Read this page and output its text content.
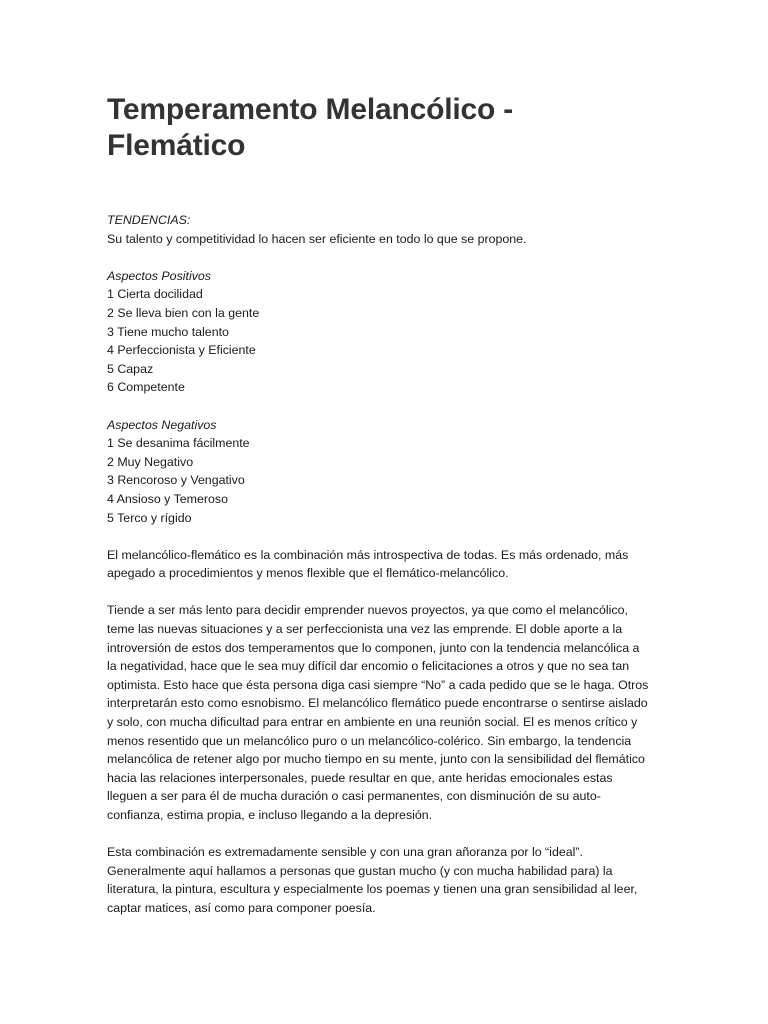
Temperamento Melancólico -
Flemático
TENDENCIAS:
Su talento y competitividad lo hacen ser eficiente en todo lo que se propone.
Aspectos Positivos
1 Cierta docilidad
2 Se lleva bien con la gente
3 Tiene mucho talento
4 Perfeccionista y Eficiente
5 Capaz
6 Competente
Aspectos Negativos
1 Se desanima fácilmente
2 Muy Negativo
3 Rencoroso y Vengativo
4 Ansioso y Temeroso
5 Terco y rígido
El melancólico-flemático es la combinación más introspectiva de todas. Es más ordenado, más
apegado a procedimientos y menos flexible que el flemático-melancólico.
Tiende a ser más lento para decidir emprender nuevos proyectos, ya que como el melancólico,
teme las nuevas situaciones y a ser perfeccionista una vez las emprende. El doble aporte a la
introversión de estos dos temperamentos que lo componen, junto con la tendencia melancólica a
la negatividad, hace que le sea muy difícil dar encomio o felicitaciones a otros y que no sea tan
optimista. Esto hace que ésta persona diga casi siempre “No” a cada pedido que se le haga. Otros
interpretarán esto como esnobismo. El melancólico flemático puede encontrarse o sentirse aislado
y solo, con mucha dificultad para entrar en ambiente en una reunión social. El es menos crítico y
menos resentido que un melancólico puro o un melancólico-colérico. Sin embargo, la tendencia
melancólica de retener algo por mucho tiempo en su mente, junto con la sensibilidad del flemático
hacia las relaciones interpersonales, puede resultar en que, ante heridas emocionales estas
lleguen a ser para él de mucha duración o casi permanentes, con disminución de su auto-
confianza, estima propia, e incluso llegando a la depresión.
Esta combinación es extremadamente sensible y con una gran añoranza por lo “ideal”.
Generalmente aquí hallamos a personas que gustan mucho (y con mucha habilidad para) la
literatura, la pintura, escultura y especialmente los poemas y tienen una gran sensibilidad al leer,
captar matices, así como para componer poesía.
